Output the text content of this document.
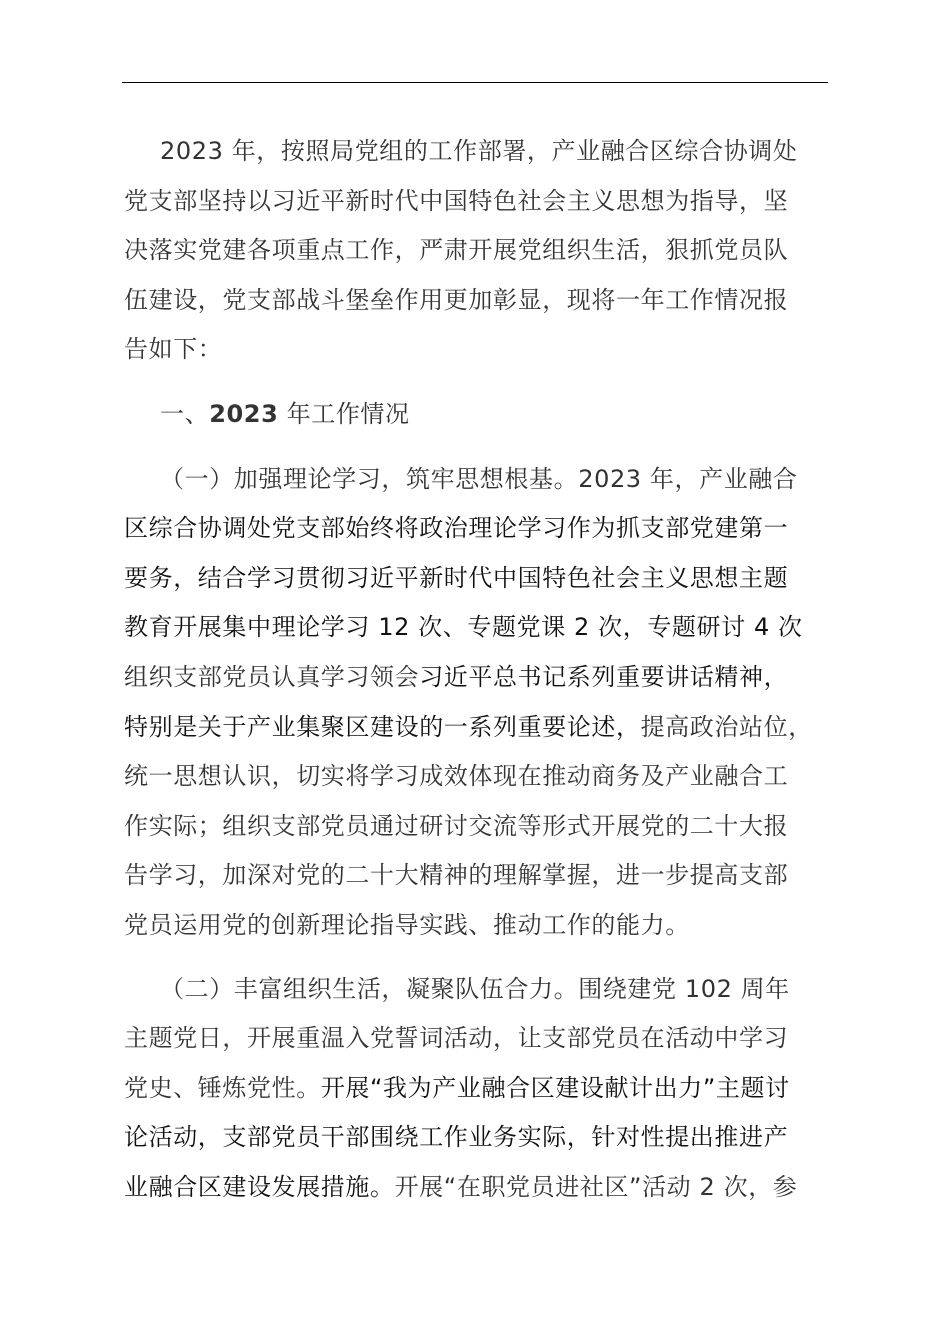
2023 年，按照局党组的工作部署，产业融合区综合协调处
党支部坚持以习近平新时代中国特色社会主义思想为指导，坚
决落实党建各项重点工作，严肃开展党组织生活，狠抓党员队
伍建设，党支部战斗堡垒作用更加彰显，现将一年工作情况报
告如下：
一、2023 年工作情况
（一）加强理论学习，筑牢思想根基。2023 年，产业融合
区综合协调处党支部始终将政治理论学习作为抓支部党建第一
要务，结合学习贯彻习近平新时代中国特色社会主义思想主题
教育开展集中理论学习 12 次、专题党课 2 次，专题研讨 4 次
组织支部党员认真学习领会习近平总书记系列重要讲话精神，
特别是关于产业集聚区建设的一系列重要论述，提高政治站位，
统一思想认识，切实将学习成效体现在推动商务及产业融合工
作实际；组织支部党员通过研讨交流等形式开展党的二十大报
告学习，加深对党的二十大精神的理解掌握，进一步提高支部
党员运用党的创新理论指导实践、推动工作的能力。
（二）丰富组织生活，凝聚队伍合力。围绕建党 102 周年
主题党日，开展重温入党誓词活动，让支部党员在活动中学习
党史、锤炼党性。开展“我为产业融合区建设献计出力”主题讨
论活动，支部党员干部围绕工作业务实际，针对性提出推进产
业融合区建设发展措施。开展“在职党员进社区”活动 2 次，参
